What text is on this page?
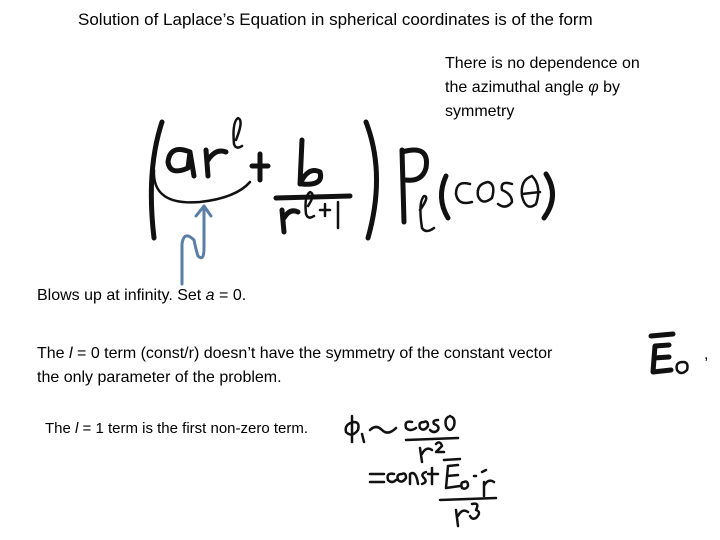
Solution of Laplace’s Equation in spherical coordinates is of the form
There is no dependence on the azimuthal angle φ by symmetry
Blows up at infinity. Set a = 0.
The l = 0 term (const/r) doesn’t have the symmetry of the constant vector
the only parameter of the problem.
,
The l = 1 term is the first non-zero term.
